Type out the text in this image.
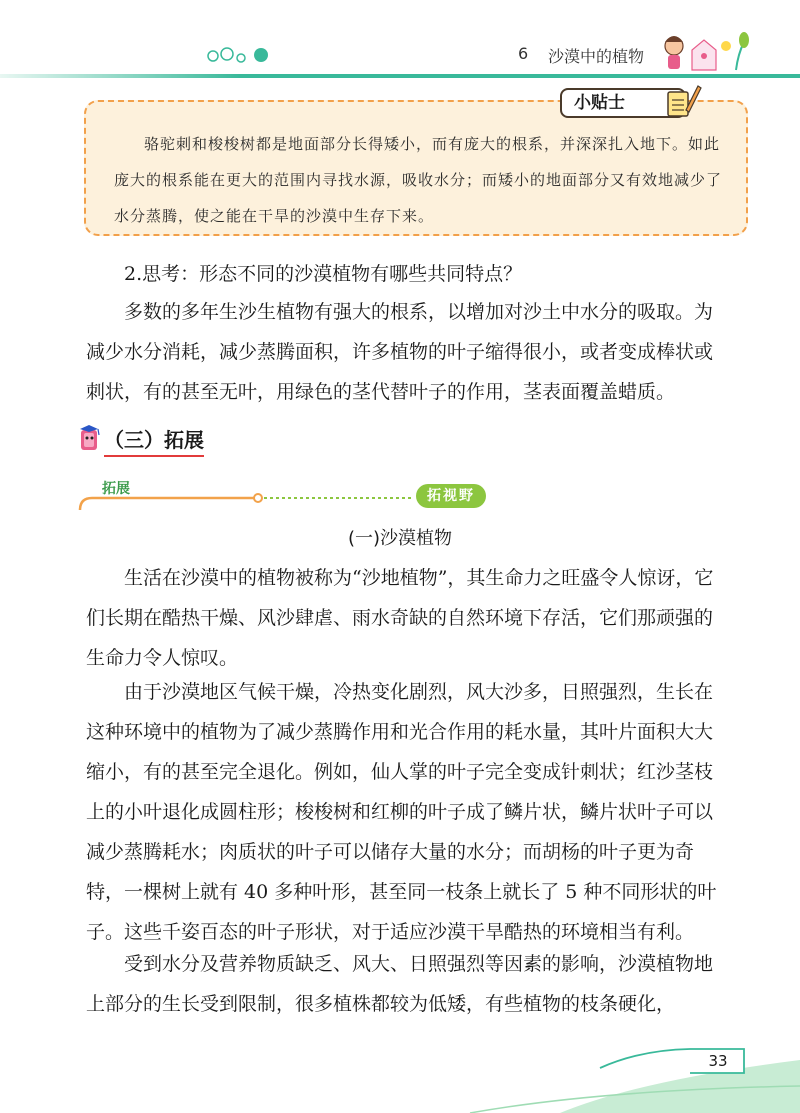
6 沙漠中的植物
小贴士

骆驼刺和梭梭树都是地面部分长得矮小，而有庞大的根系，并深深扎入地下。如此庞大的根系能在更大的范围内寻找水源，吸收水分；而矮小的地面部分又有效地减少了水分蒸腾，使之能在干旱的沙漠中生存下来。

2.思考：形态不同的沙漠植物有哪些共同特点？

多数的多年生沙生植物有强大的根系，以增加对沙土中水分的吸取。为减少水分消耗，减少蒸腾面积，许多植物的叶子缩得很小，或者变成棒状或刺状，有的甚至无叶，用绿色的茎代替叶子的作用，茎表面覆盖蜡质。

（三）拓展
拓展	拓视野
(一)沙漠植物

生活在沙漠中的植物被称为“沙地植物”，其生命力之旺盛令人惊讶，它们长期在酷热干燥、风沙肆虐、雨水奇缺的自然环境下存活，它们那顽强的生命力令人惊叹。

由于沙漠地区气候干燥，冷热变化剧烈，风大沙多，日照强烈，生长在这种环境中的植物为了减少蒸腾作用和光合作用的耗水量，其叶片面积大大缩小，有的甚至完全退化。例如，仙人掌的叶子完全变成针刺状；红沙茎枝上的小叶退化成圆柱形；梭梭树和红柳的叶子成了鳞片状，鳞片状叶子可以减少蒸腾耗水；肉质状的叶子可以储存大量的水分；而胡杨的叶子更为奇特，一棵树上就有 40 多种叶形，甚至同一枝条上就长了 5 种不同形状的叶子。这些千姿百态的叶子形状，对于适应沙漠干旱酷热的环境相当有利。

受到水分及营养物质缺乏、风大、日照强烈等因素的影响，沙漠植物地上部分的生长受到限制，很多植株都较为低矮，有些植物的枝条硬化，

33
